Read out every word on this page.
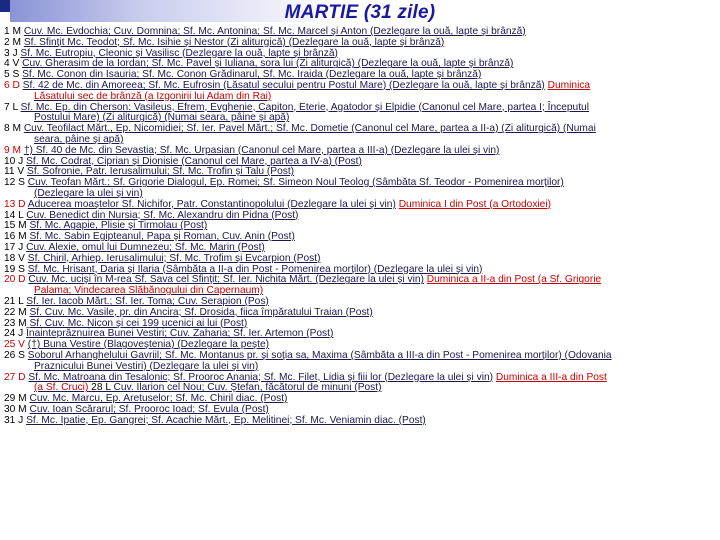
MARTIE (31 zile)
1 M Cuv. Mc. Evdochia; Cuv. Domnina; Sf. Mc. Antonina; Sf. Mc. Marcel şi Anton (Dezlegare la ouă, lapte şi brânză)
2 M Sf. Sfinţit Mc. Teodot; Sf. Mc. Isihie şi Nestor (Zi aliturgică) (Dezlegare la ouă, lapte şi brânză)
3 J Sf. Mc. Eutropiu, Cleonic şi Vasilisc (Dezlegare la ouă, lapte şi brânză)
4 V Cuv. Gherasim de la Iordan; Sf. Mc. Pavel şi Iuliana, sora lui (Zi aliturgică) (Dezlegare la ouă, lapte şi brânză)
5 S Sf. Mc. Conon din Isauria; Sf. Mc. Conon Grădinarul, Sf. Mc. Iraida (Dezlegare la ouă, lapte şi brânză)
6 D Sf. 42 de Mc. din Amoreea; Sf. Mc. Eufrosin (Lăsatul secului pentru Postul Mare) (Dezlegare la ouă, lapte şi brânză) Duminica
Lăsatului sec de brânză (a Izgonirii lui Adam din Rai)
7 L Sf. Mc. Ep. din Cherson: Vasileus, Efrem, Evghenie, Capiton, Eterie, Agatodor şi Elpidie (Canonul cel Mare, partea I; Începutul
Postului Mare) (Zi aliturgică) (Numai seara, pâine şi apă)
8 M Cuv. Teofilact Mărt., Ep. Nicomidiei; Sf. Ier. Pavel Mărt.; Sf. Mc. Dometie (Canonul cel Mare, partea a II-a) (Zi aliturgică) (Numai
seara, pâine şi apă)
9 M †) Sf. 40 de Mc. din Sevastia; Sf. Mc. Urpasian (Canonul cel Mare, partea a III-a) (Dezlegare la ulei şi vin)
10 J Sf. Mc. Codrat, Ciprian şi Dionisie (Canonul cel Mare, partea a IV-a) (Post)
11 V Sf. Sofronie, Patr. Ierusalimului; Sf. Mc. Trofin şi Talu (Post)
12 S Cuv. Teofan Mărt.; Sf. Grigorie Dialogul, Ep. Romei; Sf. Simeon Noul Teolog (Sâmbăta Sf. Teodor - Pomenirea morţilor)
(Dezlegare la ulei şi vin)
13 D Aducerea moaştelor Sf. Nichifor, Patr. Constantinopolului (Dezlegare la ulei şi vin) Duminica I din Post (a Ortodoxiei)
14 L Cuv. Benedict din Nursia; Sf. Mc. Alexandru din Pidna (Post)
15 M Sf. Mc. Agapie, Plisie şi Tirmolau (Post)
16 M Sf. Mc. Sabin Egipteanul, Papa şi Roman, Cuv. Anin (Post)
17 J Cuv. Alexie, omul lui Dumnezeu; Sf. Mc. Marin (Post)
18 V Sf. Chiril, Arhiep. Ierusalimului; Sf. Mc. Trofim şi Evcarpion (Post)
19 S Sf. Mc. Hrisant, Daria şi Ilaria (Sâmbăta a II-a din Post - Pomenirea morţilor) (Dezlegare la ulei şi vin)
20 D Cuv. Mc. ucişi în M-rea Sf. Sava cel Sfinţit; Sf. Ier. Nichita Mărt. (Dezlegare la ulei şi vin) Duminica a II-a din Post (a Sf. Grigorie
Palama; Vindecarea Slăbănogului din Capernaum)
21 L Sf. Ier. Iacob Mărt.; Sf. Ier. Toma; Cuv. Serapion (Pos)
22 M Sf. Cuv. Mc. Vasile, pr. din Ancira; Sf. Drosida, fiica împăratului Traian (Post)
23 M Sf. Cuv. Mc. Nicon şi cei 199 ucenici ai lui (Post)
24 J Înainteprăznuirea Bunei Vestiri; Cuv. Zaharia; Sf. Ier. Artemon (Post)
25 V (†) Buna Vestire (Blagoveştenia) (Dezlegare la peşte)
26 S Soborul Arhanghelului Gavriil; Sf. Mc. Montanus pr. şi soţia sa, Maxima (Sâmbăta a III-a din Post - Pomenirea morţilor) (Odovania
Praznicului Bunei Vestiri) (Dezlegare la ulei şi vin)
27 D Sf. Mc. Matroana din Tesalonic; Sf. Prooroc Anania; Sf. Mc. Filet, Lidia şi fiii lor (Dezlegare la ulei şi vin) Duminica a III-a din Post
(a Sf. Cruci) 28 L Cuv. Ilarion cel Nou; Cuv. Ştefan, făcătorul de minuni (Post)
29 M Cuv. Mc. Marcu, Ep. Aretuselor; Sf. Mc. Chiril diac. (Post)
30 M Cuv. Ioan Scărarul; Sf. Prooroc Ioad; Sf. Evula (Post)
31 J Sf. Mc. Ipatie, Ep. Gangrei; Sf. Acachie Mărt., Ep. Melitinei; Sf. Mc. Veniamin diac. (Post)
